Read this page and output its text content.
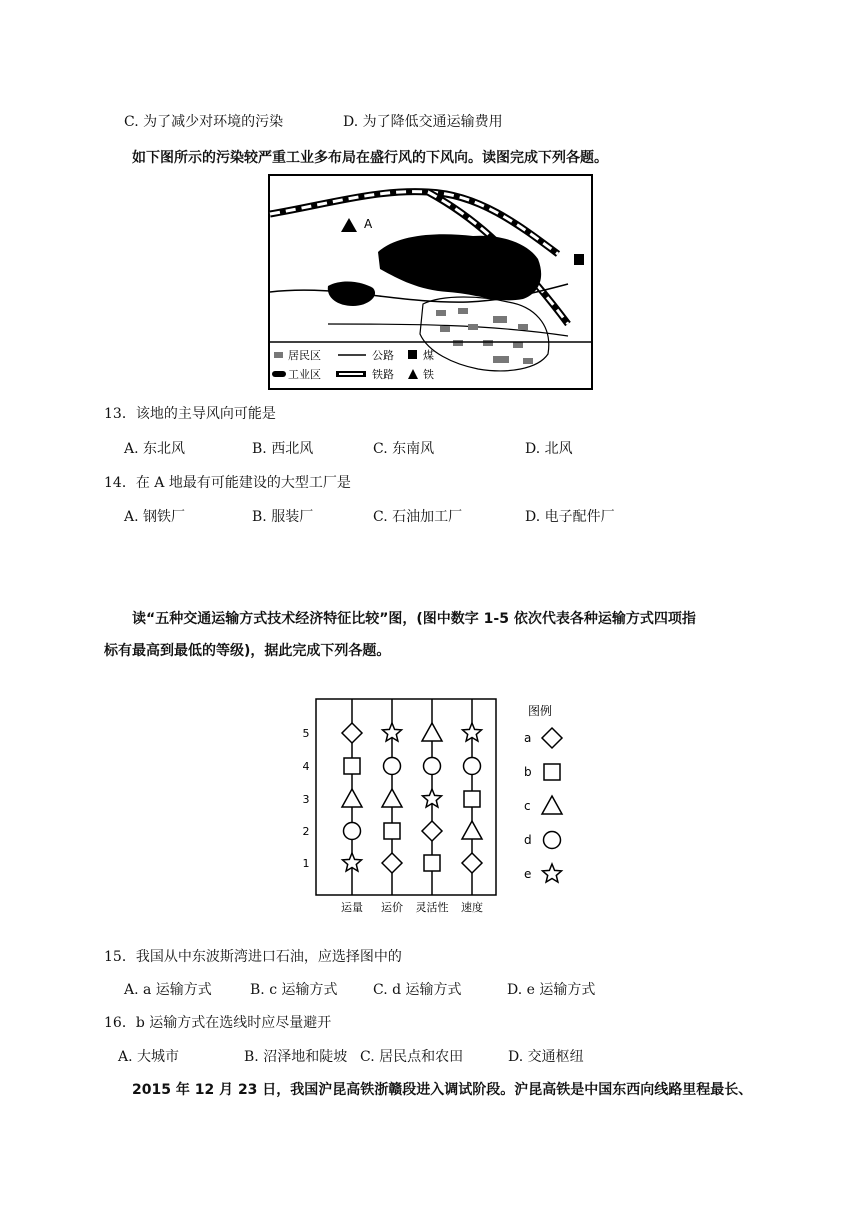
C. 为了减少对环境的污染	D. 为了降低交通运输费用
如下图所示的污染较严重工业多布局在盛行风的下风向。读图完成下列各题。
A
居民区	公路	煤
工业区	铁路	铁
13．该地的主导风向可能是
A. 东北风	B. 西北风	C. 东南风	D. 北风
14．在 A 地最有可能建设的大型工厂是
A. 钢铁厂	B. 服装厂	C. 石油加工厂	D. 电子配件厂
读“五种交通运输方式技术经济特征比较”图，(图中数字 1-5 依次代表各种运输方式四项指
标有最高到最低的等级)，据此完成下列各题。
5
4
3
2
1
运量 运价 灵活性 速度
图例
a
b
c
d
e
15．我国从中东波斯湾进口石油，应选择图中的
A. a 运输方式	B. c 运输方式	C. d 运输方式	D. e 运输方式
16．b 运输方式在选线时应尽量避开
A. 大城市	B. 沼泽地和陡坡 C. 居民点和农田	D. 交通枢纽
2015 年 12 月 23 日，我国沪昆高铁浙赣段进入调试阶段。沪昆高铁是中国东西向线路里程最长、
